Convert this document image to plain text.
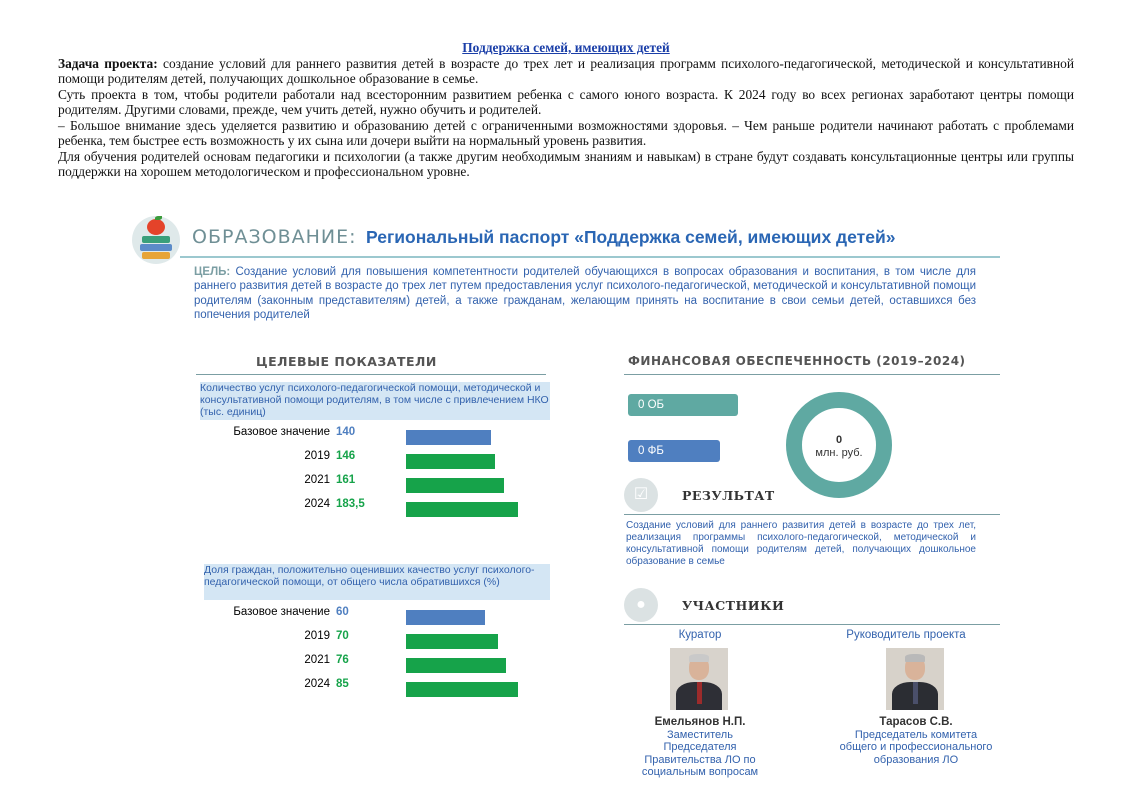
Поддержка семей, имеющих детей

Задача проекта: создание условий для раннего развития детей в возрасте до трех лет и реализация программ психолого-педагогической, методической и консультативной помощи родителям детей, получающих дошкольное образование в семье.

Суть проекта в том, чтобы родители работали над всесторонним развитием ребенка с самого юного возраста. К 2024 году во всех регионах заработают центры помощи родителям. Другими словами, прежде, чем учить детей, нужно обучить и родителей.

– Большое внимание здесь уделяется развитию и образованию детей с ограниченными возможностями здоровья. – Чем раньше родители начинают работать с проблемами ребенка, тем быстрее есть возможность у их сына или дочери выйти на нормальный уровень развития.

Для обучения родителей основам педагогики и психологии (а также другим необходимым знаниям и навыкам) в стране будут создавать консультационные центры или группы поддержки на хорошем методологическом и профессиональном уровне.

ОБРАЗОВАНИЕ: Региональный паспорт «Поддержка семей, имеющих детей»
ЦЕЛЬ: Создание условий для повышения компетентности родителей обучающихся в вопросах образования и воспитания, в том числе для раннего развития детей в возрасте до трех лет путем предоставления услуг психолого-педагогической, методической и консультативной помощи родителям (законным представителям) детей, а также гражданам, желающим принять на воспитание в свои семьи детей, оставшихся без попечения родителей
ЦЕЛЕВЫЕ ПОКАЗАТЕЛИ	ФИНАНСОВАЯ ОБЕСПЕЧЕННОСТЬ (2019–2024)
Количество услуг психолого-педагогической помощи, методической и консультативной помощи родителям, в том числе с привлечением НКО (тыс. единиц)
Базовое значение 140
2019 146
2021 161
2024 183,5
Доля граждан, положительно оценивших качество услуг психолого-педагогической помощи, от общего числа обратившихся (%)
Базовое значение 60
2019 70
2021 76
2024 85
0 ОБ
0 ФБ
0
млн. руб.
☑	РЕЗУЛЬТАТ
Создание условий для раннего развития детей в возрасте до трех лет, реализация программы психолого-педагогической, методической и консультативной помощи родителям детей, получающих дошкольное образование в семье
●	УЧАСТНИКИ
Куратор	Руководитель проекта
Емельянов Н.П.
Заместитель Председателя Правительства ЛО по социальным вопросам
Тарасов С.В.
Председатель комитета общего и профессионального образования ЛО
